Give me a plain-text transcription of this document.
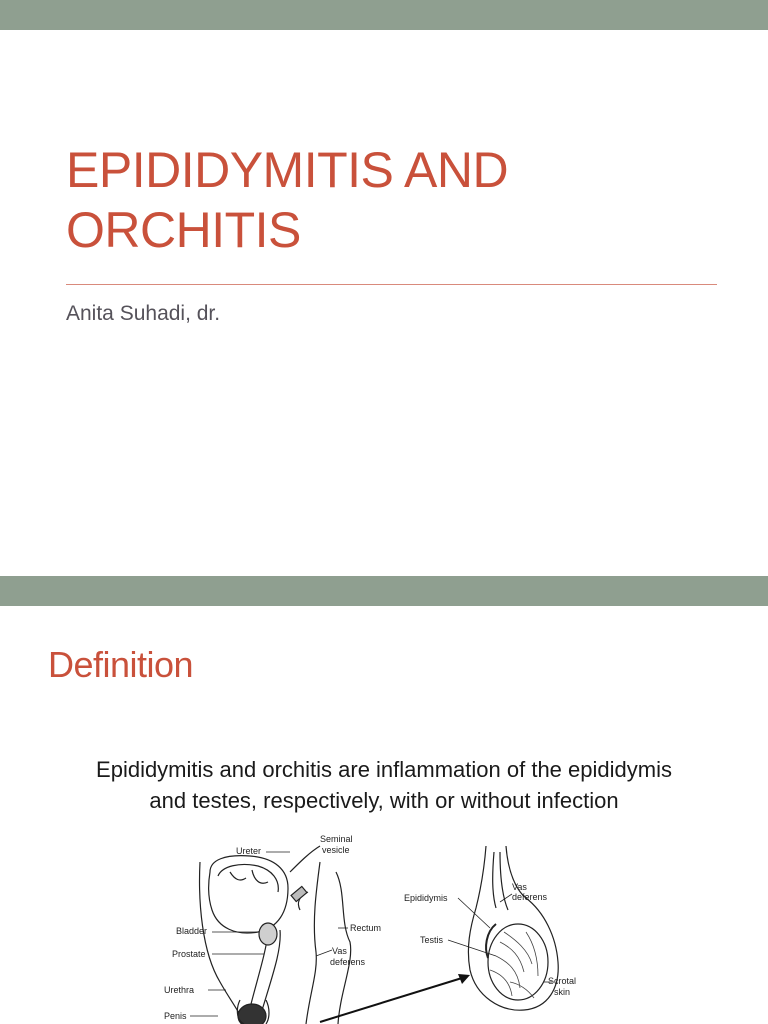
EPIDIDYMITIS AND
ORCHITIS
Anita Suhadi, dr.
Definition
Epididymitis and orchitis are inflammation of the epididymis
and testes, respectively, with or without infection
Ureter
Seminal
vesicle
Bladder	Rectum
Prostate	Vas
deferens
Urethra
Penis
Vas
deferens
Epididymis
Testis
Scrotal
skin
